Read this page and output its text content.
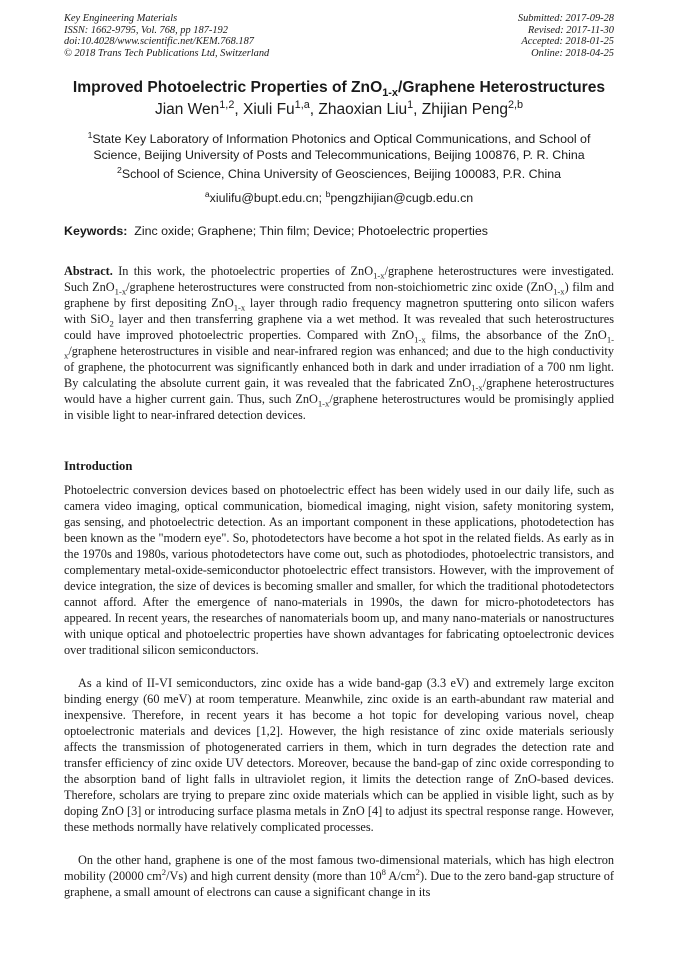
Key Engineering Materials
ISSN: 1662-9795, Vol. 768, pp 187-192
doi:10.4028/www.scientific.net/KEM.768.187
© 2018 Trans Tech Publications Ltd, Switzerland
Submitted: 2017-09-28
Revised: 2017-11-30
Accepted: 2018-01-25
Online: 2018-04-25
Improved Photoelectric Properties of ZnO$_{1-x}$/Graphene Heterostructures
Jian Wen$^{1,2}$, Xiuli Fu$^{1,a}$, Zhaoxian Liu$^1$, Zhijian Peng$^{2,b}$
$^1$State Key Laboratory of Information Photonics and Optical Communications, and School of Science, Beijing University of Posts and Telecommunications, Beijing 100876, P. R. China
$^2$School of Science, China University of Geosciences, Beijing 100083, P.R. China
$^a$xiulifu@bupt.edu.cn; $^b$pengzhijian@cugb.edu.cn
Keywords: Zinc oxide; Graphene; Thin film; Device; Photoelectric properties
Abstract. In this work, the photoelectric properties of ZnO$_{1-x}$/graphene heterostructures were investigated. Such ZnO$_{1-x}$/graphene heterostructures were constructed from non-stoichiometric zinc oxide (ZnO$_{1-x}$) film and graphene by first depositing ZnO$_{1-x}$ layer through radio frequency magnetron sputtering onto silicon wafers with SiO$_2$ layer and then transferring graphene via a wet method. It was revealed that such heterostructures could have improved photoelectric properties. Compared with ZnO$_{1-x}$ films, the absorbance of the ZnO$_{1-x}$/graphene heterostructures in visible and near-infrared region was enhanced; and due to the high conductivity of graphene, the photocurrent was significantly enhanced both in dark and under irradiation of a 700 nm light. By calculating the absolute current gain, it was revealed that the fabricated ZnO$_{1-x}$/graphene heterostructures would have a higher current gain. Thus, such ZnO$_{1-x}$/graphene heterostructures would be promisingly applied in visible light to near-infrared detection devices.
Introduction
Photoelectric conversion devices based on photoelectric effect has been widely used in our daily life, such as camera video imaging, optical communication, biomedical imaging, night vision, safety monitoring system, gas sensing, and photoelectric detection. As an important component in these applications, photodetection has been known as the "modern eye". So, photodetectors have become a hot spot in the related fields. As early as in the 1970s and 1980s, various photodetectors have come out, such as photodiodes, photoelectric transistors, and complementary metal-oxide-semiconductor photoelectric effect transistors. However, with the improvement of device integration, the size of devices is becoming smaller and smaller, for which the traditional photodetectors cannot afford. After the emergence of nano-materials in 1990s, the dawn for micro-photodetectors has appeared. In recent years, the researches of nanomaterials boom up, and many nano-materials or nanostructures with unique optical and photoelectric properties have shown advantages for fabricating optoelectronic devices over traditional silicon semiconductors.
As a kind of II-VI semiconductors, zinc oxide has a wide band-gap (3.3 eV) and extremely large exciton binding energy (60 meV) at room temperature. Meanwhile, zinc oxide is an earth-abundant raw material and inexpensive. Therefore, in recent years it has become a hot topic for developing various novel, cheap optoelectronic materials and devices [1,2]. However, the high resistance of zinc oxide materials seriously affects the transmission of photogenerated carriers in them, which in turn degrades the detection rate and transfer efficiency of zinc oxide UV detectors. Moreover, because the band-gap of zinc oxide corresponding to the absorption band of light falls in ultraviolet region, it limits the detection range of ZnO-based devices. Therefore, scholars are trying to prepare zinc oxide materials which can be applied in visible light, such as by doping ZnO [3] or introducing surface plasma metals in ZnO [4] to adjust its spectral response range. However, these methods normally have relatively complicated processes.
On the other hand, graphene is one of the most famous two-dimensional materials, which has high electron mobility (20000 $cm^2/Vs$) and high current density (more than $10^8$ $A/cm^2$). Due to the zero band-gap structure of graphene, a small amount of electrons can cause a significant change in its
